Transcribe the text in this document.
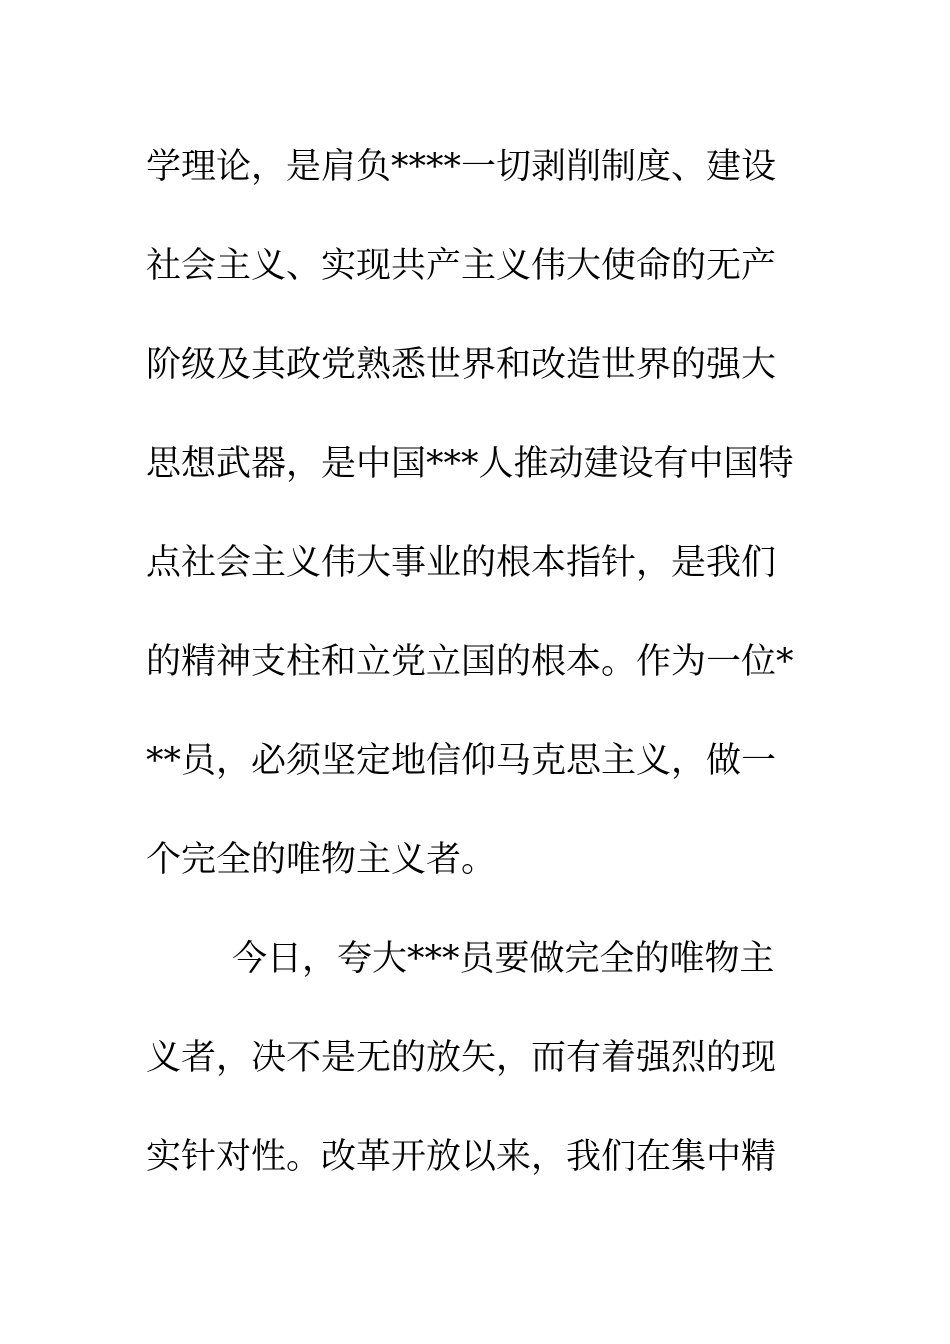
学理论，是肩负****一切剥削制度、建设
社会主义、实现共产主义伟大使命的无产
阶级及其政党熟悉世界和改造世界的强大
思想武器，是中国***人推动建设有中国特
点社会主义伟大事业的根本指针，是我们
的精神支柱和立党立国的根本。作为一位*
**员，必须坚定地信仰马克思主义，做一
个完全的唯物主义者。
今日，夸大***员要做完全的唯物主
义者，决不是无的放矢，而有着强烈的现
实针对性。改革开放以来，我们在集中精
